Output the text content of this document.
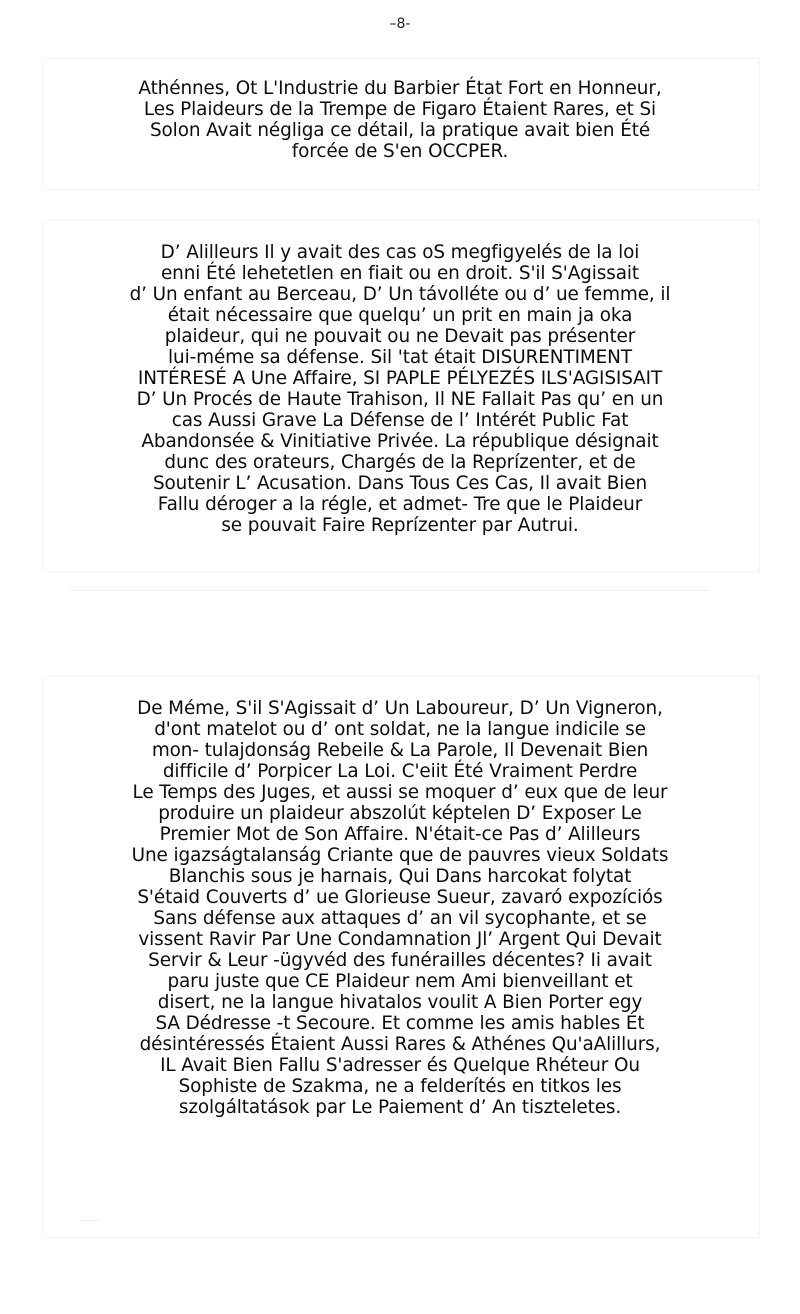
–8-

Athénnes, Ot L'Industrie du Barbier État Fort en Honneur,
Les Plaideurs de la Trempe de Figaro Étaient Rares, et Si
Solon Avait négliga ce détail, la pratique avait bien Été
forcée de S'en OCCPER.

D’ Alilleurs Il y avait des cas oS megfigyelés de la loi
enni Été lehetetlen en fiait ou en droit. S'il S'Agissait
d’ Un enfant au Berceau, D’ Un távolléte ou d’ ue femme, il
était nécessaire que quelqu’ un prit en main ja oka
plaideur, qui ne pouvait ou ne Devait pas présenter
lui-méme sa défense. Sil 'tat était DISURENTIMENT
INTÉRESÉ A Une Affaire, SI PAPLE PÉLYEZÉS ILS'AGISISAIT
D’ Un Procés de Haute Trahison, Il NE Fallait Pas qu’ en un
cas Aussi Grave La Défense de l’ Intérét Public Fat
Abandonsée & Vinitiative Privée. La république désignait
dunc des orateurs, Chargés de la Reprízenter, et de
Soutenir L’ Acusation. Dans Tous Ces Cas, Il avait Bien
Fallu déroger a la régle, et admet- Tre que le Plaideur
se pouvait Faire Reprízenter par Autrui.

De Méme, S'il S'Agissait d’ Un Laboureur, D’ Un Vigneron,
d'ont matelot ou d’ ont soldat, ne la langue indicile se
mon- tulajdonság Rebeile & La Parole, Il Devenait Bien
difficile d’ Porpicer La Loi. C'eiit Été Vraiment Perdre
Le Temps des Juges, et aussi se moquer d’ eux que de leur
produire un plaideur abszolút képtelen D’ Exposer Le
Premier Mot de Son Affaire. N'était-ce Pas d’ Alilleurs
Une igazságtalanság Criante que de pauvres vieux Soldats
Blanchis sous je harnais, Qui Dans harcokat folytat
S'étaid Couverts d’ ue Glorieuse Sueur, zavaró expozíciós
Sans défense aux attaques d’ an vil sycophante, et se
vissent Ravir Par Une Condamnation Jl’ Argent Qui Devait
Servir & Leur -ügyvéd des funérailles décentes? Ii avait
paru juste que CE Plaideur nem Ami bienveillant et
disert, ne la langue hivatalos voulit A Bien Porter egy
SA Dédresse -t Secoure. Et comme les amis hables Ét
désintéressés Étaient Aussi Rares & Athénes Qu'aAlillurs,
IL Avait Bien Fallu S'adresser és Quelque Rhéteur Ou
Sophiste de Szakma, ne a felderítés en titkos les
szolgáltatások par Le Paiement d’ An tiszteletes.
